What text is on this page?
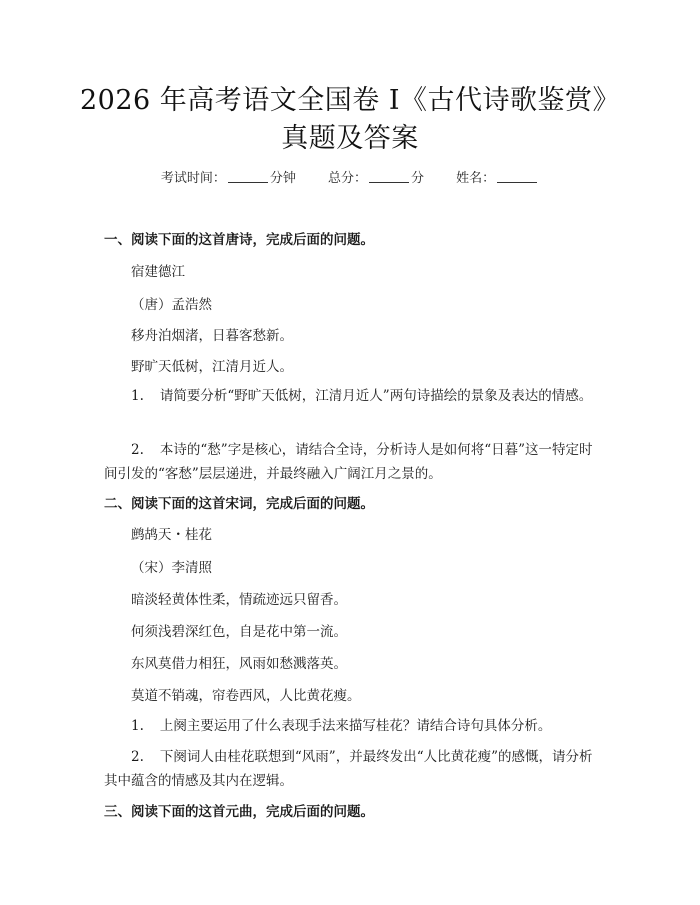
2026 年高考语文全国卷 I《古代诗歌鉴赏》
真题及答案
考试时间：	分钟 总分：	分 姓名：
一、阅读下面的这首唐诗，完成后面的问题。
宿建德江
（唐）孟浩然
移舟泊烟渚，日暮客愁新。
野旷天低树，江清月近人。
1. 请简要分析“野旷天低树，江清月近人”两句诗描绘的景象及表达的情感。
2. 本诗的“愁”字是核心，请结合全诗，分析诗人是如何将“日暮”这一特定时间引发的“客愁”层层递进，并最终融入广阔江月之景的。
二、阅读下面的这首宋词，完成后面的问题。
鹧鸪天・桂花
（宋）李清照
暗淡轻黄体性柔，情疏迹远只留香。
何须浅碧深红色，自是花中第一流。
东风莫借力相狂，风雨如愁溅落英。
莫道不销魂，帘卷西风，人比黄花瘦。
1. 上阕主要运用了什么表现手法来描写桂花？请结合诗句具体分析。
2. 下阕词人由桂花联想到“风雨”，并最终发出“人比黄花瘦”的感慨，请分析其中蕴含的情感及其内在逻辑。
三、阅读下面的这首元曲，完成后面的问题。
